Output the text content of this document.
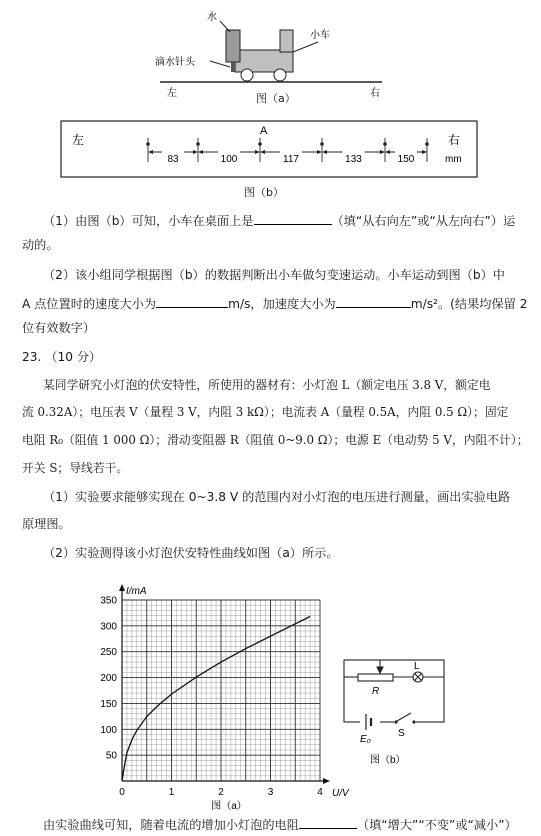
水
小车
滴水针头
左	右
图（a）
左	右
mm
A
83	100	117	133	150
图（b）
（1）由图（b）可知，小车在桌面上是	（填“从右向左”或“从左向右”）运
动的。
（2）该小组同学根据图（b）的数据判断出小车做匀变速运动。小车运动到图（b）中
A 点位置时的速度大小为	m/s，加速度大小为	m/s²。(结果均保留 2
位有效数字）
23. （10 分）
某同学研究小灯泡的伏安特性，所使用的器材有：小灯泡 L（额定电压 3.8 V，额定电
流 0.32A）；电压表 V（量程 3 V，内阻 3 kΩ）；电流表 A（量程 0.5A，内阻 0.5 Ω）；固定
电阻 R₀（阻值 1 000 Ω）；滑动变阻器 R（阻值 0~9.0 Ω）；电源 E（电动势 5 V，内阻不计）；
开关 S；导线若干。
（1）实验要求能够实现在 0~3.8 V 的范围内对小灯泡的电压进行测量，画出实验电路
原理图。
（2）实验测得该小灯泡伏安特性曲线如图（a）所示。
0	1	2	3	4
50
100
150
200
250
300
350
U/V
I/mA
图（a）
L
R
E₀
S
图（b）
由实验曲线可知，随着电流的增加小灯泡的电阻	（填“增大”“不变”或“减小”）
